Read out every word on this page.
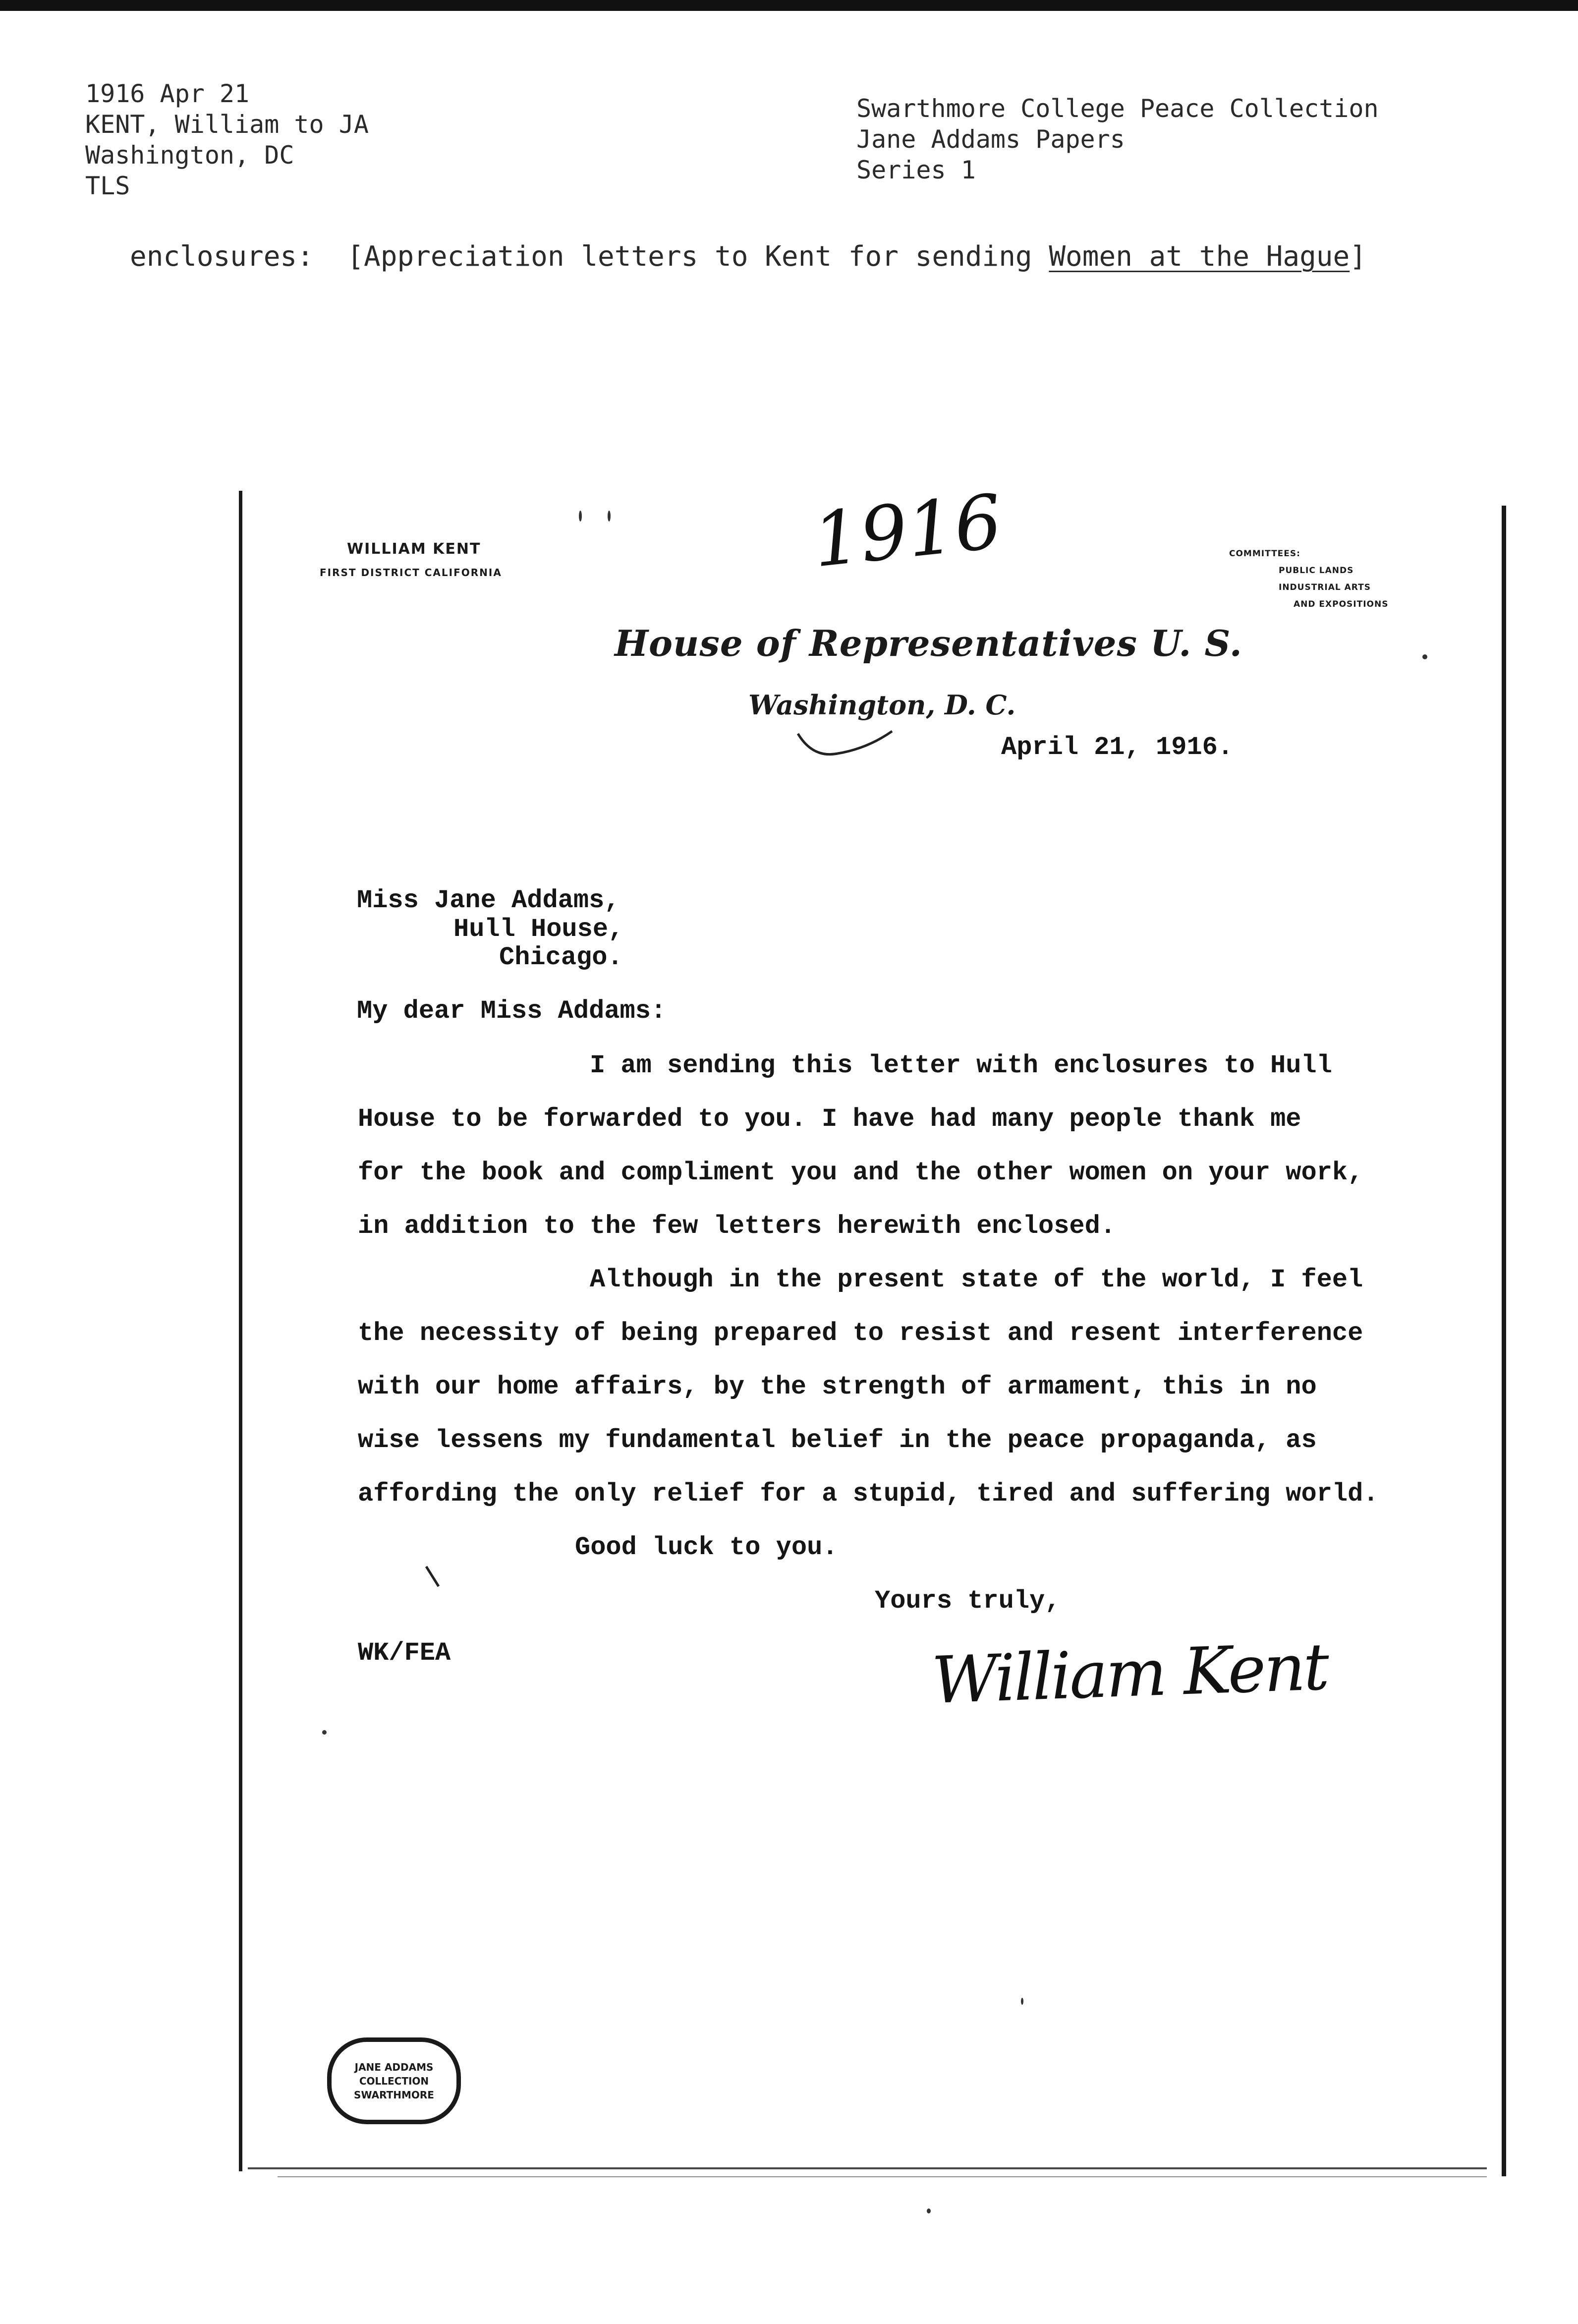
1916 Apr 21
KENT, William to JA
Washington, DC
TLS
Swarthmore College Peace Collection
Jane Addams Papers
Series 1
enclosures: [Appreciation letters to Kent for sending Women at the Hague]
WILLIAM KENT
FIRST DISTRICT CALIFORNIA	1916	COMMITTEES:
PUBLIC LANDS
INDUSTRIAL ARTS
AND EXPOSITIONS
House of Representatives U. S.
Washington, D. C.
April 21, 1916.
Miss Jane Addams,
Hull House,
Chicago.
My dear Miss Addams:
I am sending this letter with enclosures to Hull
House to be forwarded to you. I have had many people thank me
for the book and compliment you and the other women on your work,
in addition to the few letters herewith enclosed.
Although in the present state of the world, I feel
the necessity of being prepared to resist and resent interference
with our home affairs, by the strength of armament, this in no
wise lessens my fundamental belief in the peace propaganda, as
affording the only relief for a stupid, tired and suffering world.
Good luck to you.
Yours truly,
WK/FEA	William Kent
JANE ADDAMS
COLLECTION
SWARTHMORE
